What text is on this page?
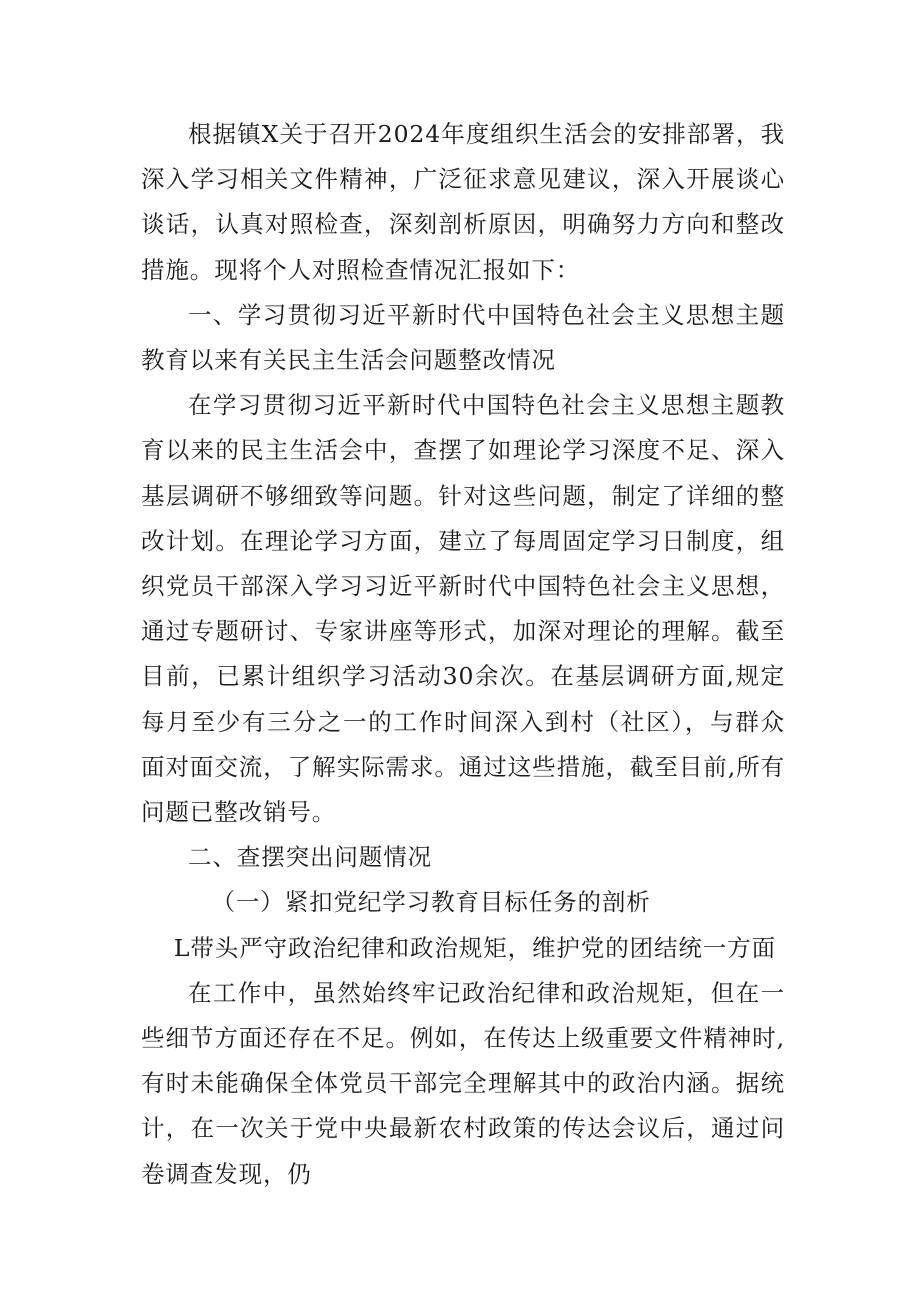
根据镇X关于召开2024年度组织生活会的安排部署，我深入学习相关文件精神，广泛征求意见建议，深入开展谈心谈话，认真对照检查，深刻剖析原因，明确努力方向和整改措施。现将个人对照检查情况汇报如下：

一、学习贯彻习近平新时代中国特色社会主义思想主题教育以来有关民主生活会问题整改情况

在学习贯彻习近平新时代中国特色社会主义思想主题教育以来的民主生活会中，查摆了如理论学习深度不足、深入基层调研不够细致等问题。针对这些问题，制定了详细的整改计划。在理论学习方面，建立了每周固定学习日制度，组织党员干部深入学习习近平新时代中国特色社会主义思想，通过专题研讨、专家讲座等形式，加深对理论的理解。截至目前，已累计组织学习活动30余次。在基层调研方面,规定每月至少有三分之一的工作时间深入到村（社区），与群众面对面交流，了解实际需求。通过这些措施，截至目前,所有问题已整改销号。

二、查摆突出问题情况

（一）紧扣党纪学习教育目标任务的剖析

L带头严守政治纪律和政治规矩，维护党的团结统一方面

在工作中，虽然始终牢记政治纪律和政治规矩，但在一些细节方面还存在不足。例如，在传达上级重要文件精神时,有时未能确保全体党员干部完全理解其中的政治内涵。据统计，在一次关于党中央最新农村政策的传达会议后，通过问卷调查发现，仍
